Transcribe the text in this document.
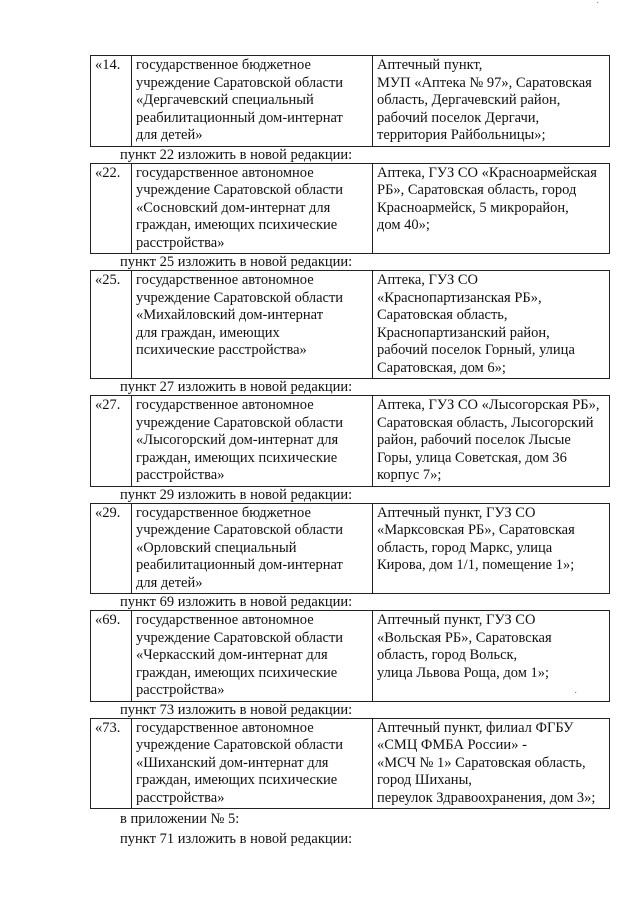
˙
˙
«14.	государственное бюджетное
учреждение Саратовской области
«Дергачевский специальный
реабилитационный дом-интернат
для детей»	Аптечный пункт,
МУП «Аптека № 97», Саратовская
область, Дергачевский район,
рабочий поселок Дергачи,
территория Райбольницы»;
пункт 22 изложить в новой редакции:
«22.	государственное автономное
учреждение Саратовской области
«Сосновский дом-интернат для
граждан, имеющих психические
расстройства»	Аптека, ГУЗ СО «Красноармейская
РБ», Саратовская область, город
Красноармейск, 5 микрорайон,
дом 40»;
пункт 25 изложить в новой редакции:
«25.	государственное автономное
учреждение Саратовской области
«Михайловский дом-интернат
для граждан, имеющих
психические расстройства»	Аптека, ГУЗ СО
«Краснопартизанская РБ»,
Саратовская область,
Краснопартизанский район,
рабочий поселок Горный, улица
Саратовская, дом 6»;
пункт 27 изложить в новой редакции:
«27.	государственное автономное
учреждение Саратовской области
«Лысогорский дом-интернат для
граждан, имеющих психические
расстройства»	Аптека, ГУЗ СО «Лысогорская РБ»,
Саратовская область, Лысогорский
район, рабочий поселок Лысые
Горы, улица Советская, дом 36
корпус 7»;
пункт 29 изложить в новой редакции:
«29.	государственное бюджетное
учреждение Саратовской области
«Орловский специальный
реабилитационный дом-интернат
для детей»	Аптечный пункт, ГУЗ СО
«Марксовская РБ», Саратовская
область, город Маркс, улица
Кирова, дом 1/1, помещение 1»;
пункт 69 изложить в новой редакции:
«69.	государственное автономное
учреждение Саратовской области
«Черкасский дом-интернат для
граждан, имеющих психические
расстройства»	Аптечный пункт, ГУЗ СО
«Вольская РБ», Саратовская
область, город Вольск,
улица Львова Роща, дом 1»;
пункт 73 изложить в новой редакции:
«73.	государственное автономное
учреждение Саратовской области
«Шиханский дом-интернат для
граждан, имеющих психические
расстройства»	Аптечный пункт, филиал ФГБУ
«СМЦ ФМБА России» -
«МСЧ № 1» Саратовская область,
город Шиханы,
переулок Здравоохранения, дом 3»;
в приложении № 5:
пункт 71 изложить в новой редакции:
